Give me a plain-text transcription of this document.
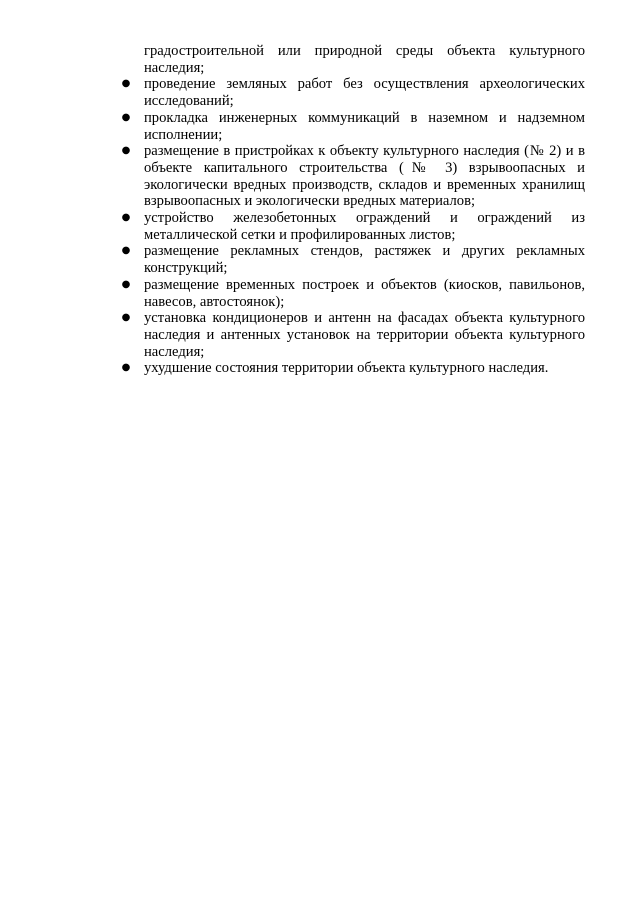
градостроительной или природной среды объекта культурного наследия;

● проведение земляных работ без осуществления археологических исследований;
● прокладка инженерных коммуникаций в наземном и надземном исполнении;
● размещение в пристройках к объекту культурного наследия (№ 2) и в объекте капитального строительства (№ 3) взрывоопасных и экологически вредных производств, складов и временных хранилищ взрывоопасных и экологически вредных материалов;
● устройство железобетонных ограждений и ограждений из металлической сетки и профилированных листов;
● размещение рекламных стендов, растяжек и других рекламных конструкций;
● размещение временных построек и объектов (киосков, павильонов, навесов, автостоянок);
● установка кондиционеров и антенн на фасадах объекта культурного наследия и антенных установок на территории объекта культурного наследия;
● ухудшение состояния территории объекта культурного наследия.
